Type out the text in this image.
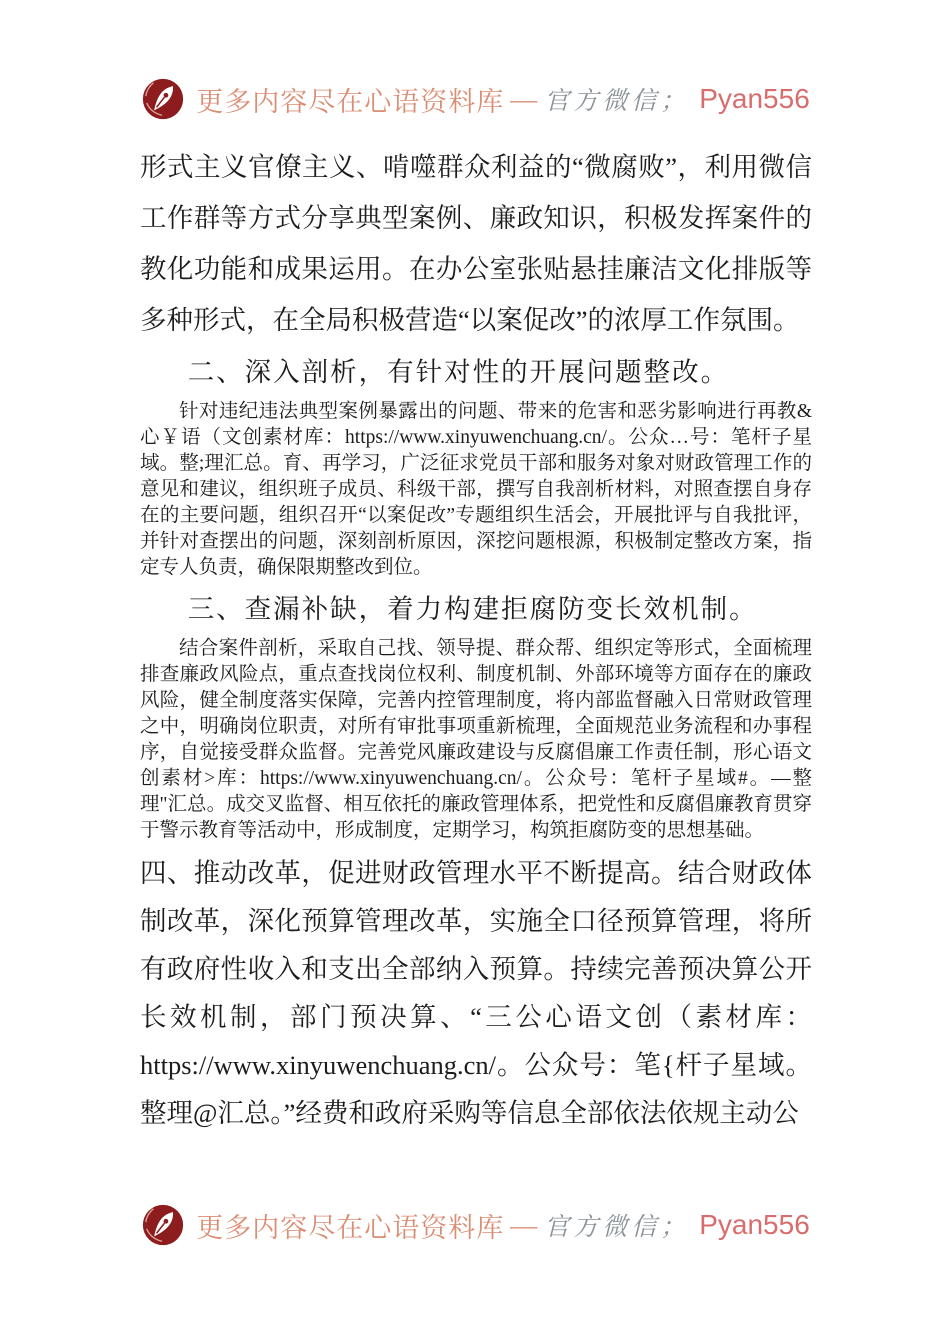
更多内容尽在心语资料库 — 官方微信； Pyan556

形式主义官僚主义、啃噬群众利益的“微腐败”，利用微信工作群等方式分享典型案例、廉政知识，积极发挥案件的教化功能和成果运用。在办公室张贴悬挂廉洁文化排版等多种形式，在全局积极营造“以案促改”的浓厚工作氛围。

二、深入剖析，有针对性的开展问题整改。

针对违纪违法典型案例暴露出的问题、带来的危害和恶劣影响进行再教&心￥语（文创素材库：https://www.xinyuwenchuang.cn/。公众…号：笔杆子星域。整;理汇总。育、再学习，广泛征求党员干部和服务对象对财政管理工作的意见和建议，组织班子成员、科级干部，撰写自我剖析材料，对照查摆自身存在的主要问题，组织召开“以案促改”专题组织生活会，开展批评与自我批评，并针对查摆出的问题，深刻剖析原因，深挖问题根源，积极制定整改方案，指定专人负责，确保限期整改到位。

三、查漏补缺，着力构建拒腐防变长效机制。

结合案件剖析，采取自己找、领导提、群众帮、组织定等形式，全面梳理排查廉政风险点，重点查找岗位权利、制度机制、外部环境等方面存在的廉政风险，健全制度落实保障，完善内控管理制度，将内部监督融入日常财政管理之中，明确岗位职责，对所有审批事项重新梳理，全面规范业务流程和办事程序，自觉接受群众监督。完善党风廉政建设与反腐倡廉工作责任制，形心语文创素材>库：https://www.xinyuwenchuang.cn/。公众号：笔杆子星域#。—整理"汇总。成交叉监督、相互依托的廉政管理体系，把党性和反腐倡廉教育贯穿于警示教育等活动中，形成制度，定期学习，构筑拒腐防变的思想基础。

四、推动改革，促进财政管理水平不断提高。结合财政体制改革，深化预算管理改革，实施全口径预算管理，将所有政府性收入和支出全部纳入预算。持续完善预决算公开长效机制，部门预决算、“三公心语文创（素材库：https://www.xinyuwenchuang.cn/。公众号：笔{杆子星域。整理@汇总。”经费和政府采购等信息全部依法依规主动公

更多内容尽在心语资料库 — 官方微信； Pyan556
